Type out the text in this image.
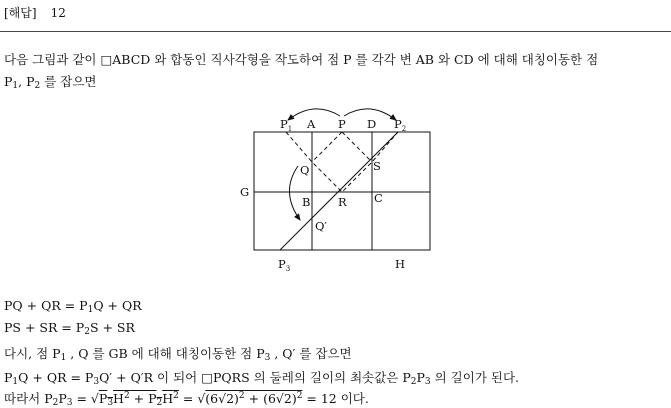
[해답] 12
다음 그림과 같이 □ABCD 와 합동인 직사각형을 작도하여 점 P 를 각각 변 AB 와 CD 에 대해 대칭이동한 점
$P_1$, $P_2$ 를 잡으면
$P_1$ A P D $P_2$
Q	S
G
B R C
Q′
$P_3$	H
PQ + QR = $P_1Q$ + QR
PS + SR = $P_2S$ + SR
다시, 점 $P_1$ , Q 를 GB 에 대해 대칭이동한 점 $P_3$ , Q′ 를 잡으면
$P_1Q$ + QR = $P_3Q' + Q'R$ 이 되어 □PQRS 의 둘레의 길이의 최솟값은 $P_2P_3$ 의 길이가 된다.
따라서 $P_2P_3 = √P_3H^2 + P_2H^2 = √(6√2)^2 + (6√2)^2 = 12$ 이다.
